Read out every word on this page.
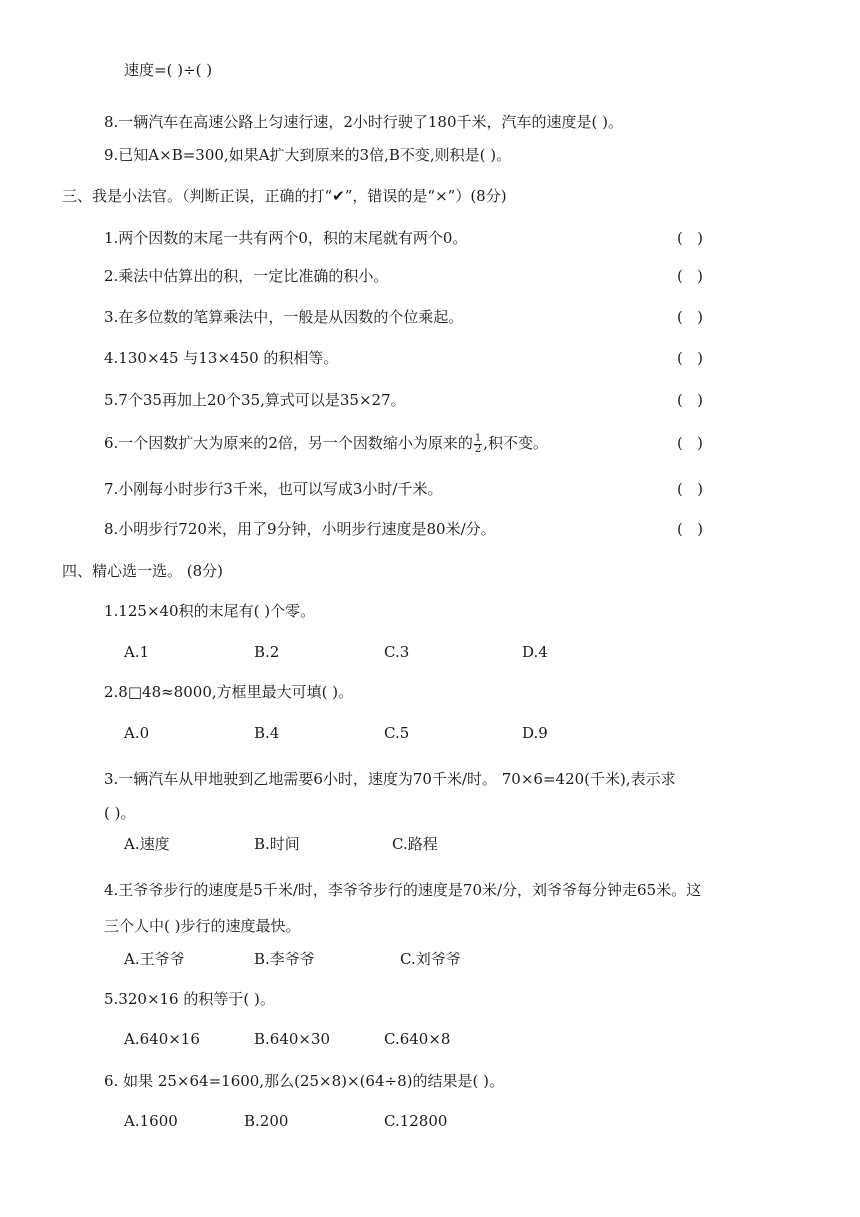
速度=( )÷( )
8.一辆汽车在高速公路上匀速行速，2小时行驶了180千米，汽车的速度是( )。
9.已知A×B=300,如果A扩大到原来的3倍,B不变,则积是( )。
三、我是小法官。（判断正误，正确的打“✔”，错误的是“×”）(8分)
1.两个因数的末尾一共有两个0，积的末尾就有两个0。	(   )
2.乘法中估算出的积，一定比准确的积小。	(   )
3.在多位数的笔算乘法中，一般是从因数的个位乘起。	(   )
4.130×45 与13×450 的积相等。	(   )
5.7个35再加上20个35,算式可以是35×27。	(   )
6.一个因数扩大为原来的2倍，另一个因数缩小为原来的 $\frac{1}{2}$ ,积不变。	(   )
7.小刚每小时步行3千米，也可以写成3小时/千米。	(   )
8.小明步行720米，用了9分钟，小明步行速度是80米/分。	(   )
四、精心选一选。 (8分)
1.125×40积的末尾有( )个零。
A.1	B.2	C.3	D.4
2.8□48≈8000,方框里最大可填( )。
A.0	B.4	C.5	D.9
3.一辆汽车从甲地驶到乙地需要6小时，速度为70千米/时。 70×6=420(千米),表示求
( )。
A.速度	B.时间	C.路程
4.王爷爷步行的速度是5千米/时，李爷爷步行的速度是70米/分，刘爷爷每分钟走65米。这
三个人中( )步行的速度最快。
A.王爷爷	B.李爷爷	C.刘爷爷
5.320×16 的积等于( )。
A.640×16	B.640×30	C.640×8
6. 如果 25×64=1600,那么(25×8)×(64÷8)的结果是( )。
A.1600	B.200	C.12800
